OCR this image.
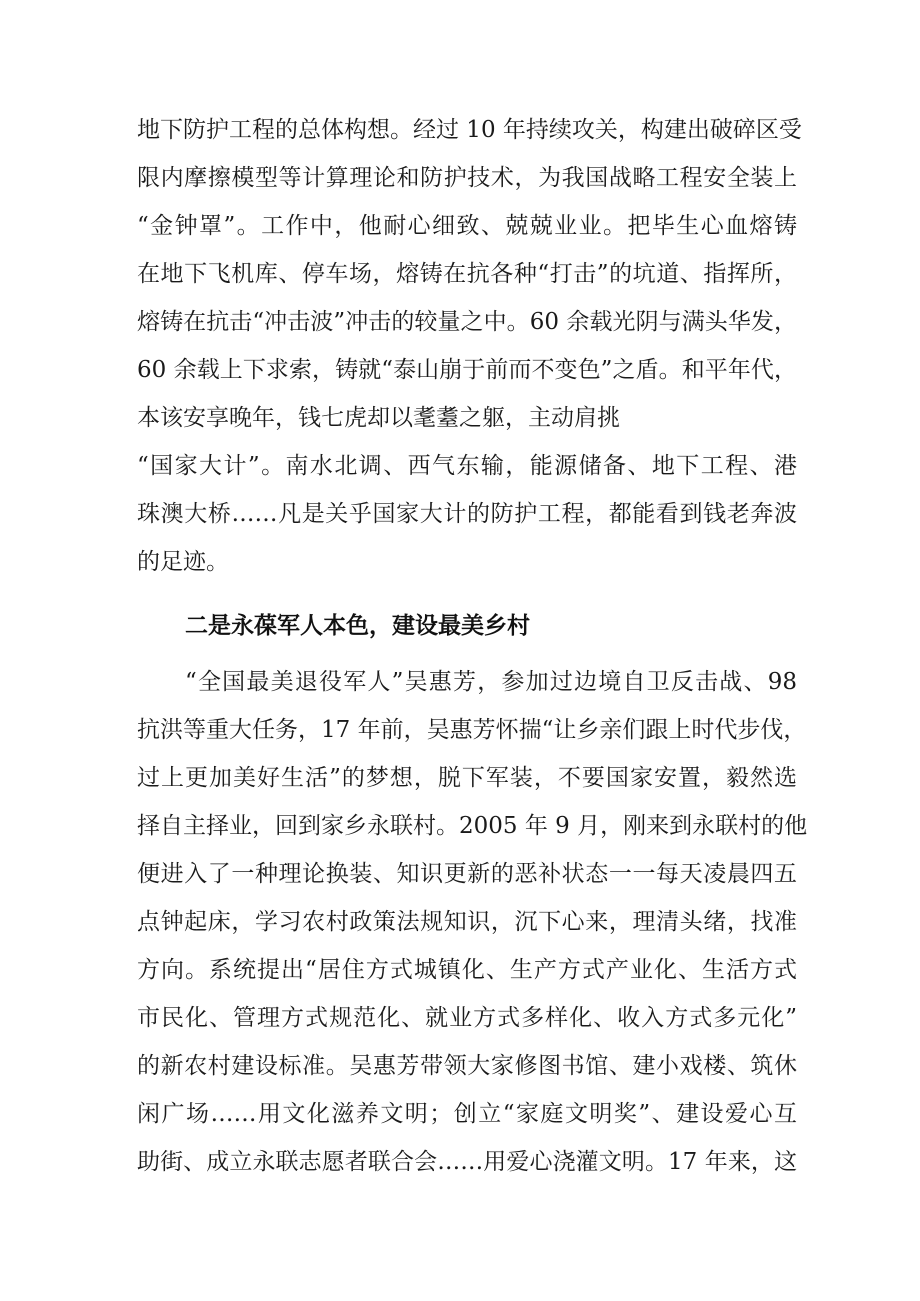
地下防护工程的总体构想。经过 10 年持续攻关，构建出破碎区受
限内摩擦模型等计算理论和防护技术，为我国战略工程安全装上
“金钟罩”。工作中，他耐心细致、兢兢业业。把毕生心血熔铸
在地下飞机库、停车场，熔铸在抗各种“打击”的坑道、指挥所，
熔铸在抗击“冲击波”冲击的较量之中。60 余载光阴与满头华发，
60 余载上下求索，铸就“泰山崩于前而不变色”之盾。和平年代，
本该安享晚年，钱七虎却以耄耋之躯，主动肩挑
“国家大计”。南水北调、西气东输，能源储备、地下工程、港
珠澳大桥……凡是关乎国家大计的防护工程，都能看到钱老奔波
的足迹。
二是永葆军人本色，建设最美乡村
“全国最美退役军人”吴惠芳，参加过边境自卫反击战、98
抗洪等重大任务，17 年前，吴惠芳怀揣“让乡亲们跟上时代步伐，
过上更加美好生活”的梦想，脱下军装，不要国家安置，毅然选
择自主择业，回到家乡永联村。2005 年 9 月，刚来到永联村的他
便进入了一种理论换装、知识更新的恶补状态一一每天凌晨四五
点钟起床，学习农村政策法规知识，沉下心来，理清头绪，找准
方向。系统提出“居住方式城镇化、生产方式产业化、生活方式
市民化、管理方式规范化、就业方式多样化、收入方式多元化”
的新农村建设标准。吴惠芳带领大家修图书馆、建小戏楼、筑休
闲广场……用文化滋养文明；创立“家庭文明奖”、建设爱心互
助街、成立永联志愿者联合会……用爱心浇灌文明。17 年来，这
